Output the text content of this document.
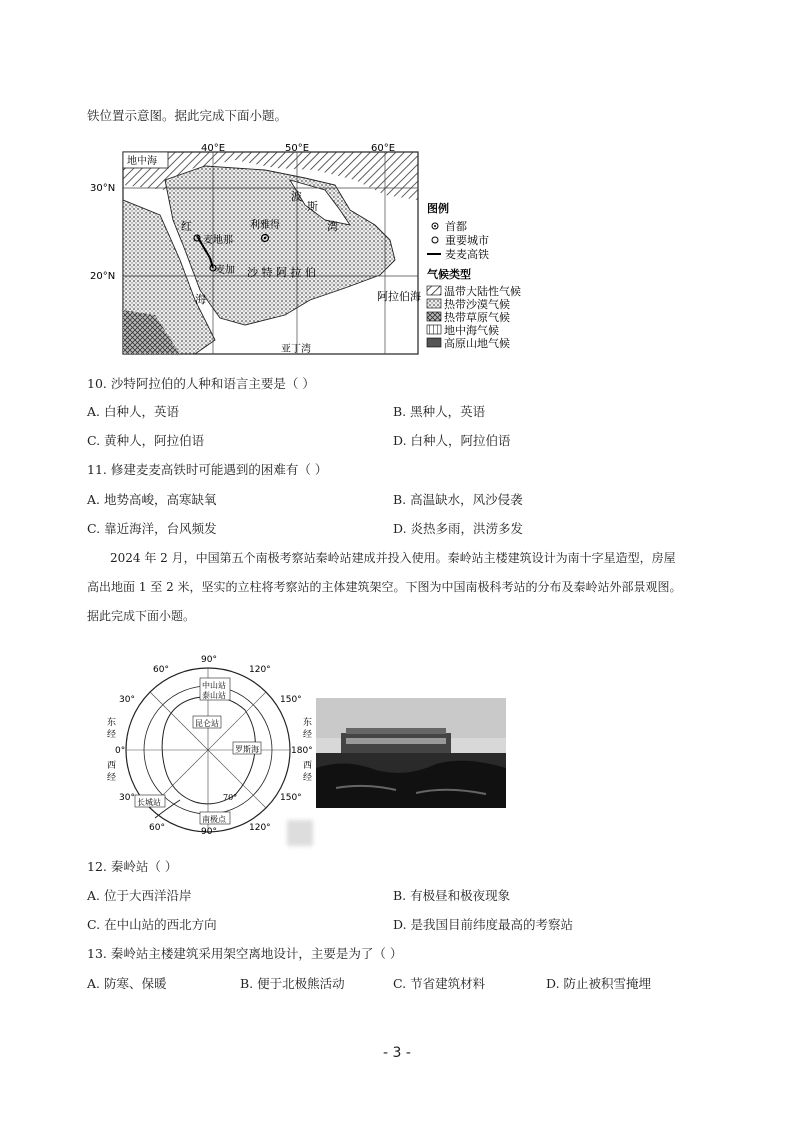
铁位置示意图。据此完成下面小题。
地中海
40°E	50°E	60°E
30°N
20°N
红
海
波
斯
湾
麦地那
利雅得
麦加 沙 特 阿 拉 伯
阿拉伯海
亚丁湾
图例
首都
重要城市
麦麦高铁
气候类型
温带大陆性气候
热带沙漠气候
热带草原气候
地中海气候
高原山地气候
10. 沙特阿拉伯的人种和语言主要是（ ）
A. 白种人，英语	B. 黑种人，英语
C. 黄种人，阿拉伯语	D. 白种人，阿拉伯语
11. 修建麦麦高铁时可能遇到的困难有（ ）
A. 地势高峻，高寒缺氧	B. 高温缺水，风沙侵袭
C. 靠近海洋，台风频发	D. 炎热多雨，洪涝多发
2024 年 2 月，中国第五个南极考察站秦岭站建成并投入使用。秦岭站主楼建筑设计为南十字星造型，房屋
高出地面 1 至 2 米，坚实的立柱将考察站的主体建筑架空。下图为中国南极科考站的分布及秦岭站外部景观图。
据此完成下面小题。
中山站
泰山站
昆仑站
罗斯海
长城站
南极点
70°
60°
90°
120°
30°
0°
30°
150°
180°
150°
60°	90°	120°
东
经
西
经
东
经
西
经
12. 秦岭站（ ）
A. 位于大西洋沿岸	B. 有极昼和极夜现象
C. 在中山站的西北方向	D. 是我国目前纬度最高的考察站
13. 秦岭站主楼建筑采用架空离地设计，主要是为了（ ）
A. 防寒、保暖	B. 便于北极熊活动	C. 节省建筑材料	D. 防止被积雪掩埋
- 3 -
